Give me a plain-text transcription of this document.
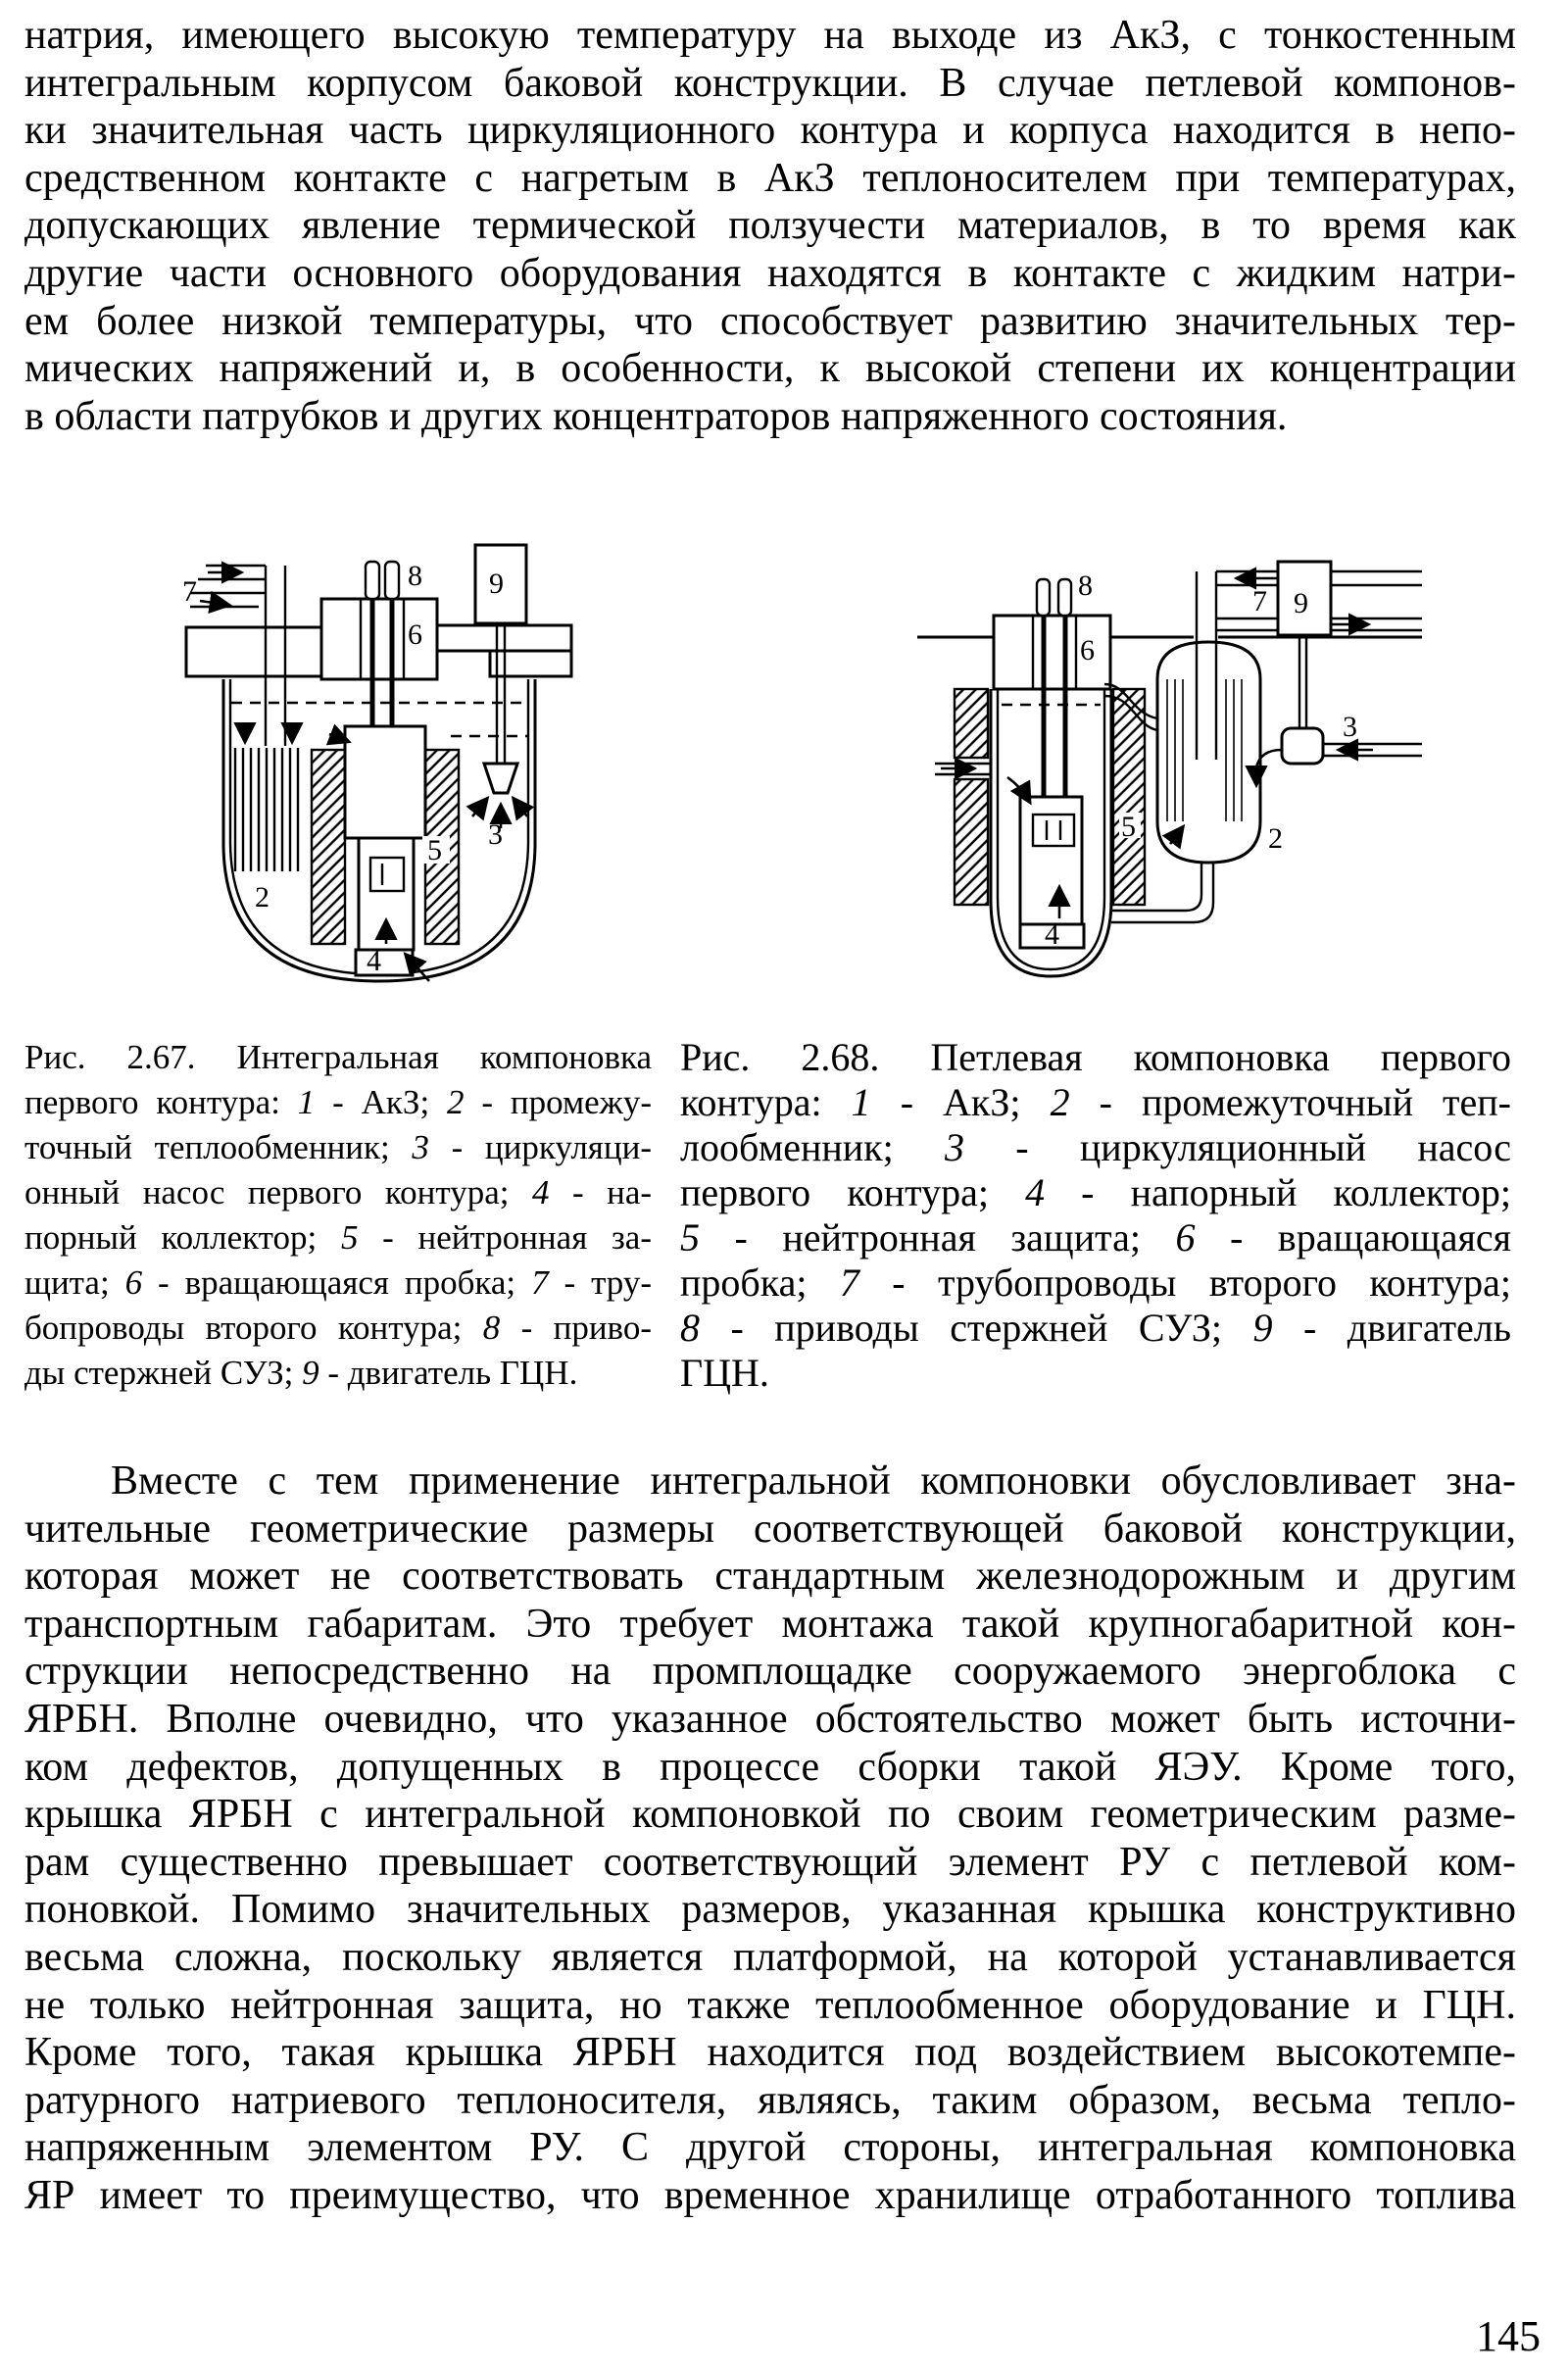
натрия, имеющего высокую температуру на выходе из АкЗ, с тонкостенным
интегральным корпусом баковой конструкции. В случае петлевой компонов-
ки значительная часть циркуляционного контура и корпуса находится в непо-
средственном контакте с нагретым в АкЗ теплоносителем при температурах,
допускающих явление термической ползучести материалов, в то время как
другие части основного оборудования находятся в контакте с жидким натри-
ем более низкой температуры, что способствует развитию значительных тер-
мических напряжений и, в особенности, к высокой степени их концентрации
в области патрубков и других концентраторов напряженного состояния.
7	8
6
9
5
2
3
4
8
6
7 9
3
5	2
4
Рис. 2.67. Интегральная компоновка
первого контура: 1 - АкЗ; 2 - промежу-
точный теплообменник; 3 - циркуляци-
онный насос первого контура; 4 - на-
порный коллектор; 5 - нейтронная за-
щита; 6 - вращающаяся пробка; 7 - тру-
бопроводы второго контура; 8 - приво-
ды стержней СУЗ; 9 - двигатель ГЦН.
Рис. 2.68. Петлевая компоновка первого
контура: 1 - АкЗ; 2 - промежуточный теп-
лообменник; 3 - циркуляционный насос
первого контура; 4 - напорный коллектор;
5 - нейтронная защита; 6 - вращающаяся
пробка; 7 - трубопроводы второго контура;
8 - приводы стержней СУЗ; 9 - двигатель
ГЦН.
Вместе с тем применение интегральной компоновки обусловливает зна-
чительные геометрические размеры соответствующей баковой конструкции,
которая может не соответствовать стандартным железнодорожным и другим
транспортным габаритам. Это требует монтажа такой крупногабаритной кон-
струкции непосредственно на промплощадке сооружаемого энергоблока с
ЯРБН. Вполне очевидно, что указанное обстоятельство может быть источни-
ком дефектов, допущенных в процессе сборки такой ЯЭУ. Кроме того,
крышка ЯРБН с интегральной компоновкой по своим геометрическим разме-
рам существенно превышает соответствующий элемент РУ с петлевой ком-
поновкой. Помимо значительных размеров, указанная крышка конструктивно
весьма сложна, поскольку является платформой, на которой устанавливается
не только нейтронная защита, но также теплообменное оборудование и ГЦН.
Кроме того, такая крышка ЯРБН находится под воздействием высокотемпе-
ратурного натриевого теплоносителя, являясь, таким образом, весьма тепло-
напряженным элементом РУ. С другой стороны, интегральная компоновка
ЯР имеет то преимущество, что временное хранилище отработанного топлива
145
